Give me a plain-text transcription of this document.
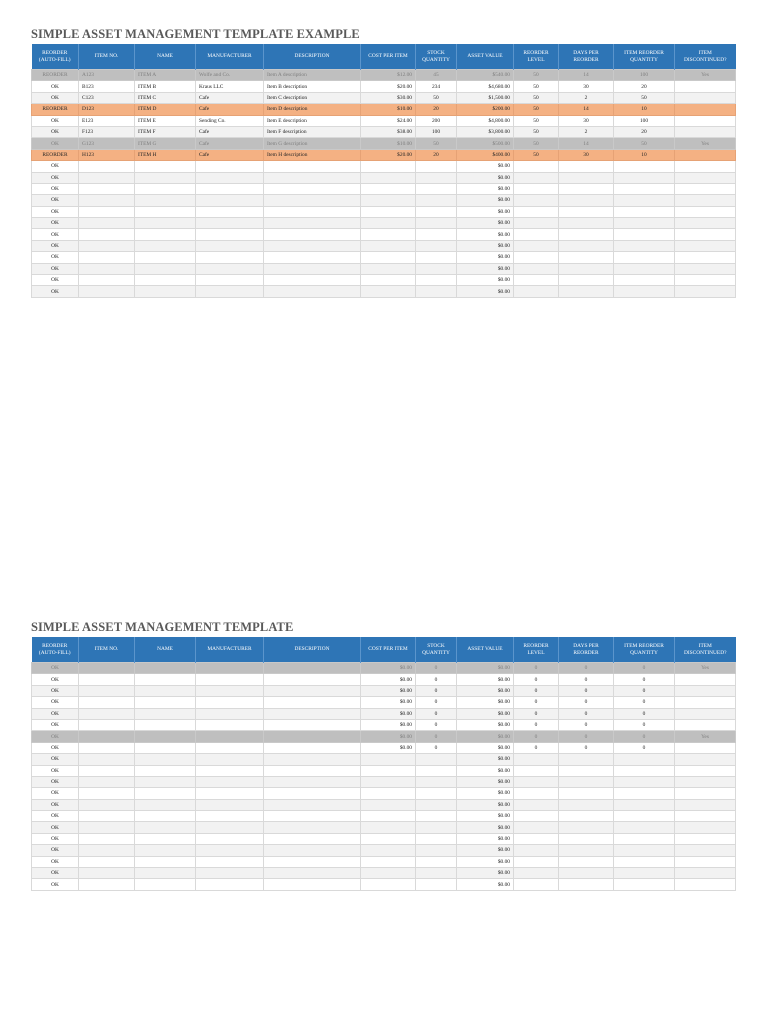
SIMPLE ASSET MANAGEMENT TEMPLATE EXAMPLE
REORDER (AUTO-FILL)	ITEM NO.	NAME	MANUFACTURER	DESCRIPTION	COST PER ITEM	STOCK QUANTITY	ASSET VALUE	REORDER LEVEL	DAYS PER REORDER	ITEM REORDER QUANTITY	ITEM DISCONTINUED?
REORDER	A123	ITEM A	Wolfe and Co.	Item A description	$12.00	45	$540.00	50	14	100	Yes
OK	B123	ITEM B	Kraus LLC	Item B description	$20.00	234	$4,680.00	50	30	20	
OK	C123	ITEM C	Cafe	Item C description	$30.00	50	$1,500.00	50	2	50	
REORDER	D123	ITEM D	Cafe	Item D description	$10.00	20	$200.00	50	14	10	
OK	E123	ITEM E	Sending Co.	Item E description	$24.00	200	$4,800.00	50	30	100	
OK	F123	ITEM F	Cafe	Item F description	$38.00	100	$3,800.00	50	2	20	
OK	G123	ITEM G	Cafe	Item G description	$10.00	50	$500.00	50	14	50	Yes
REORDER	H123	ITEM H	Cafe	Item H description	$20.00	20	$400.00	50	30	10	
OK							$0.00				
OK							$0.00				
OK							$0.00				
OK							$0.00				
OK							$0.00				
OK							$0.00				
OK							$0.00				
OK							$0.00				
OK							$0.00				
OK							$0.00				
OK							$0.00				
OK							$0.00				
SIMPLE ASSET MANAGEMENT TEMPLATE
REORDER (AUTO-FILL)	ITEM NO.	NAME	MANUFACTURER	DESCRIPTION	COST PER ITEM	STOCK QUANTITY	ASSET VALUE	REORDER LEVEL	DAYS PER REORDER	ITEM REORDER QUANTITY	ITEM DISCONTINUED?
OK					$0.00	0	$0.00	0	0	0	Yes
OK					$0.00	0	$0.00	0	0	0	
OK					$0.00	0	$0.00	0	0	0	
OK					$0.00	0	$0.00	0	0	0	
OK					$0.00	0	$0.00	0	0	0	
OK					$0.00	0	$0.00	0	0	0	
OK					$0.00	0	$0.00	0	0	0	Yes
OK					$0.00	0	$0.00	0	0	0	
OK							$0.00				
OK							$0.00				
OK							$0.00				
OK							$0.00				
OK							$0.00				
OK							$0.00				
OK							$0.00				
OK							$0.00				
OK							$0.00				
OK							$0.00				
OK							$0.00				
OK							$0.00				
